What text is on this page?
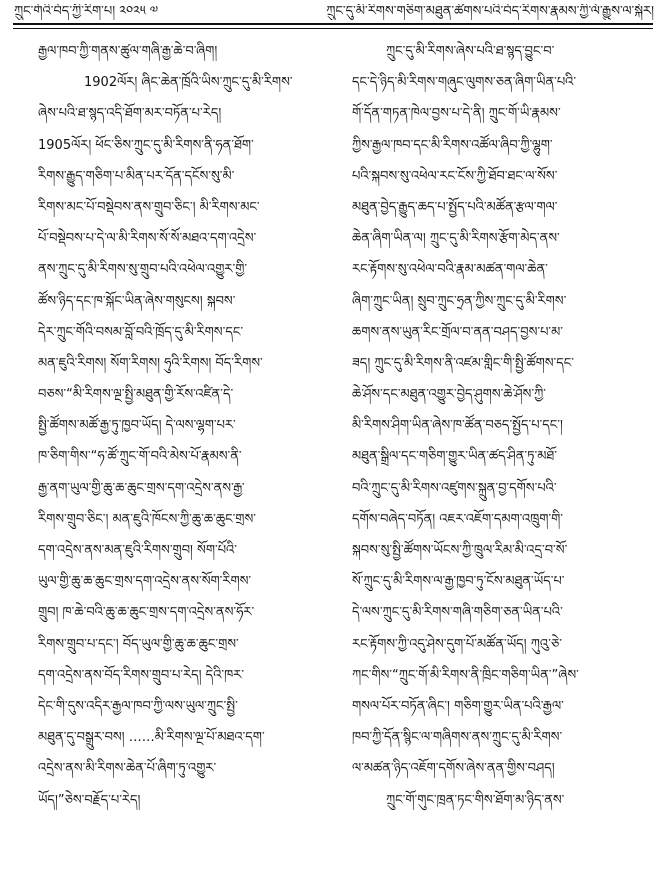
ཀྲུང་གོའི་བོད་ཀྱི་རིག་པ། ༢༠༢༥ ༧	ཀྲུང་དུ་མི་རིགས་གཅིག་མཐུན་ཚོགས་པའི་བོད་རིགས་རྣམས་ཀྱི་ལོ་རྒྱུས་ལ་སྐོར།
རྒྱལ་ཁབ་ཀྱི་གནས་ཚུལ་གཞི་རྒྱ་ཆེ་བ་ཞིག།
1902ལོར། ཞིང་ཆེན་ཁྲོའི་ཡིས་ཀྲུང་དུ་མི་རིགས་
ཞེས་པའི་ཐ་སྙད་འདི་ཐོག་མར་བཏོན་པ་རེད།
1905ལོར། ཕོང་ཅིས་ཀྲུང་དུ་མི་རིགས་ནི་ཧན་ཐོག་
རིགས་རྒྱུད་གཅིག་པ་མིན་པར་དོན་དངོས་སུ་མི་
རིགས་མང་པོ་བསྡེབས་ནས་གྲུབ་ཅིང་། མི་རིགས་མང་
པོ་བསྡེབས་པ་དེ་ལ་མི་རིགས་སོ་སོ་མཐའ་དག་འདྲེས་
ནས་ཀྲུང་དུ་མི་རིགས་སུ་གྲུབ་པའི་འཕེལ་འགྱུར་གྱི་
ཚོས་ཉིད་དང་ཁ་སྐོང་ཡིན་ཞེས་གསུངས། སྐབས་
དེར་ཀྲུང་གོའི་བསམ་བློ་བའི་ཁྲོད་དུ་མི་རིགས་དང་
མན་ཇུའི་རིགས། སོག་རིགས། ཧུའི་རིགས། བོད་རིགས་
བཅས་“མི་རིགས་ལྔ་སྤྱི་མཐུན་གྱི་རོས་འཛིན་དེ་
སྤྱི་ཚོགས་མཚོ་རྒྱ་ཏུ་ཁྱབ་ཡོད། དེ་ལས་ལྷག་པར་
ཁ་ཅིག་གིས་“ཧ་ཚོ་ཀྲུང་གོ་བའི་མེས་པོ་རྣམས་ནི་
རྒྱ་ནག་ཡུལ་གྱི་ཆུ་ཆ་ཆུང་གྲས་དག་འདྲེས་ནས་རྒྱ་
རིགས་གྲུབ་ཅིང་། མན་ཇུའི་ཁོངས་ཀྱི་ཆུ་ཆ་ཆུང་གྲས་
དག་འདྲེས་ནས་མན་ཇུའི་རིགས་གྲུབ། སོག་པོའི་
ཡུལ་གྱི་ཆུ་ཆ་ཆུང་གྲས་དག་འདྲེས་ནས་སོག་རིགས་
གྲུབ། ཁ་ཆེ་བའི་ཆུ་ཆ་ཆུང་གྲས་དག་འདྲེས་ནས་ཧོར་
རིགས་གྲུབ་པ་དང་། བོད་ཡུལ་གྱི་ཆུ་ཆ་ཆུང་གྲས་
དག་འདྲེས་ནས་བོད་རིགས་གྲུབ་པ་རེད། དེའི་ཁར་
དེང་གི་དུས་འདིར་རྒྱལ་ཁབ་ཀྱི་ལས་ཡུལ་ཀྲུང་སྤྱི་
མཐུན་དུ་བསྒྲུར་བས། ……མི་རིགས་ལྔ་པོ་མཐའ་དག་
འདྲེས་ནས་མི་རིགས་ཆེན་པོ་ཞིག་ཏུ་འགྱུར་
ཡོད།”ཅེས་བརྗོད་པ་རེད།
ཀྲུང་དུ་མི་རིགས་ཞེས་པའི་ཐ་སྙད་བྱུང་བ་
དང་དེ་ཉིད་མི་རིགས་གཞུང་ལུགས་ཅན་ཞིག་ཡིན་པའི་
གོ་དོན་གཏན་ཁེལ་བྱས་པ་དེ་ནི། ཀྲུང་གོ་ཡི་རྣམས་
ཀྱིས་རྒྱལ་ཁབ་དང་མི་རིགས་འཚོལ་ཞིབ་ཀྱི་ལྷུག་
པའི་སྐབས་སུ་འཕེལ་རང་ངོས་ཀྱི་ཐོབ་ཐང་ལ་སོས་
མཐུན་བྱེད་རྒྱུད་ཆད་པ་སྤྱོད་པའི་མཚོན་རྩལ་གལ་
ཆེན་ཞིག་ཡིན་ལ། ཀྲུང་དུ་མི་རིགས་རྩོག་མེད་ནས་
རང་རྟོགས་སུ་འཕེལ་བའི་རྣམ་མཚན་གལ་ཆེན་
ཞིག་ཀྲུང་ཡིན། སྲུབ་ཀྲུང་ཧྲན་ཀྱིས་ཀྲུང་དུ་མི་རིགས་
ཆགས་ནས་ཡུན་རིང་གྲོལ་བ་ནན་བཤད་བྱས་པ་མ་
ཟད། ཀྲུང་དུ་མི་རིགས་ནི་འཛམ་གླིང་གི་སྤྱི་ཚོགས་དང་
ཆེ་ཤོས་དང་མཐུན་འགྱུར་བྱེད་ཤུགས་ཆེ་ཤོས་ཀྱི་
མི་རིགས་ཤིག་ཡིན་ཞེས་ཁ་ཚོན་བཅད་སྤྱོད་པ་དང་།
མཐུན་སྒྲིལ་དང་གཅིག་གྱུར་ཡིན་ཚད་ཤིན་ཏུ་མཐོ་
བའི་ཀྲུང་དུ་མི་རིགས་འཛུགས་སྐྲུན་བྱ་དགོས་པའི་
དགོས་བཞེད་བཏོན། འཇར་འཇོག་དམག་འཁྲུག་གི་
སྐབས་སུ་སྤྱི་ཚོགས་ཡོངས་ཀྱི་ཁྲུལ་རིམ་མི་འདྲ་བ་སོ་
སོ་ཀྲུང་དུ་མི་རིགས་ལ་རྒྱ་ཁྱབ་ཏུ་ངོས་མཐུན་ཡོད་པ་
དེ་ལས་ཀྲུང་དུ་མི་རིགས་གཞི་གཅིག་ཅན་ཡིན་པའི་
རང་རྟོགས་ཀྱི་འདུ་ཤེས་དུག་པོ་མཚོན་ཡོད། ཀུའུ་ཅེ་
ཀང་གིས་“ཀྲུང་གོ་མི་རིགས་ནི་ཁྲིང་གཅིག་ཡིན་”ཞེས་
གསལ་པོར་བཏོན་ཞིང་། གཅིག་གྱུར་ཡིན་པའི་རྒྱལ་
ཁབ་ཀྱི་དོན་སྙིང་ལ་གཞིགས་ནས་ཀྲུང་དུ་མི་རིགས་
ལ་མཚན་ཉིད་འཇོག་དགོས་ཞེས་ནན་གྱིས་བཤད།
ཀྲུང་གོ་གུང་ཁྲན་ཏང་གིས་ཐོག་མ་ཉིད་ནས་
